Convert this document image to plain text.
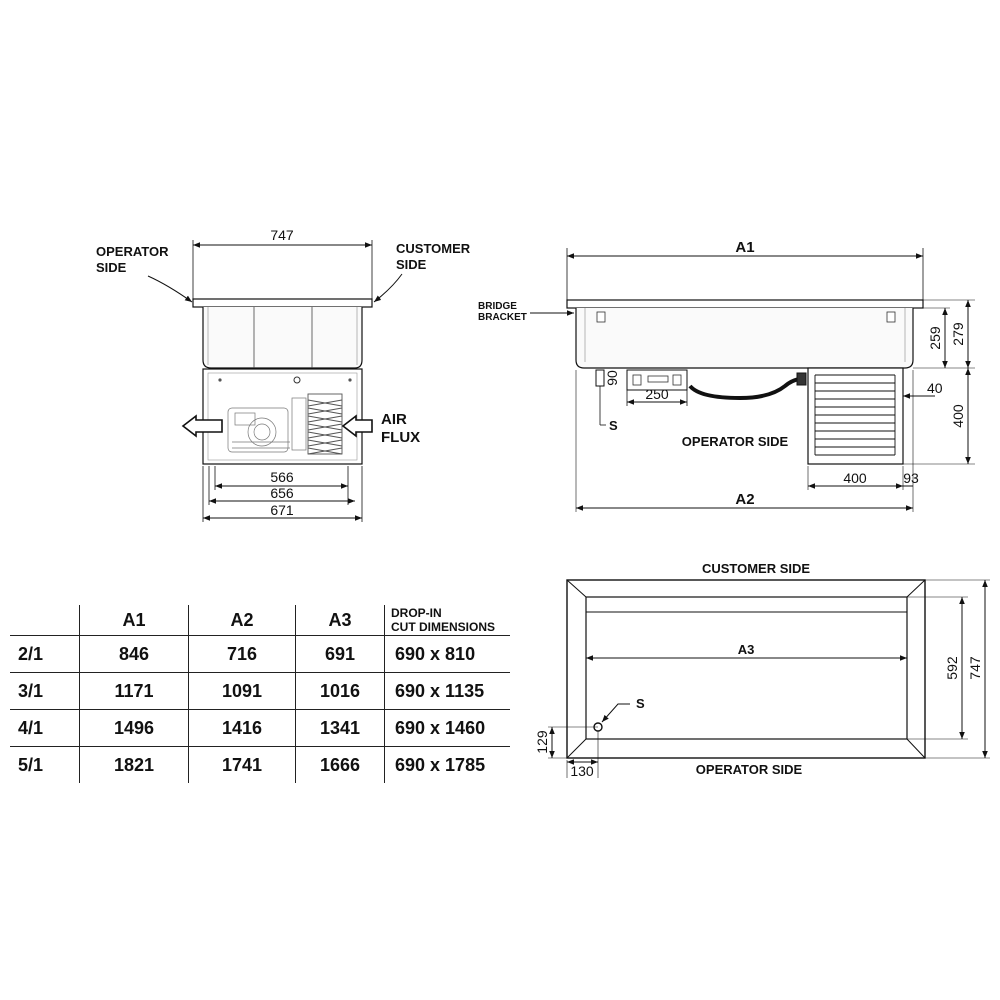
747
AIR
FLUX
OPERATOR
SIDE
CUSTOMER
SIDE
566
656
671
A1
BRIDGE
BRACKET
S
90
250
OPERATOR SIDE
259 279
400
40
400	93
A2
CUSTOMER SIDE
OPERATOR SIDE
A3
S
129
130
592 747
	A1	A2	A3	DROP-IN
CUT DIMENSIONS
2/1	846	716	691	690 x 810
3/1	1171	1091	1016	690 x 1135
4/1	1496	1416	1341	690 x 1460
5/1	1821	1741	1666	690 x 1785
